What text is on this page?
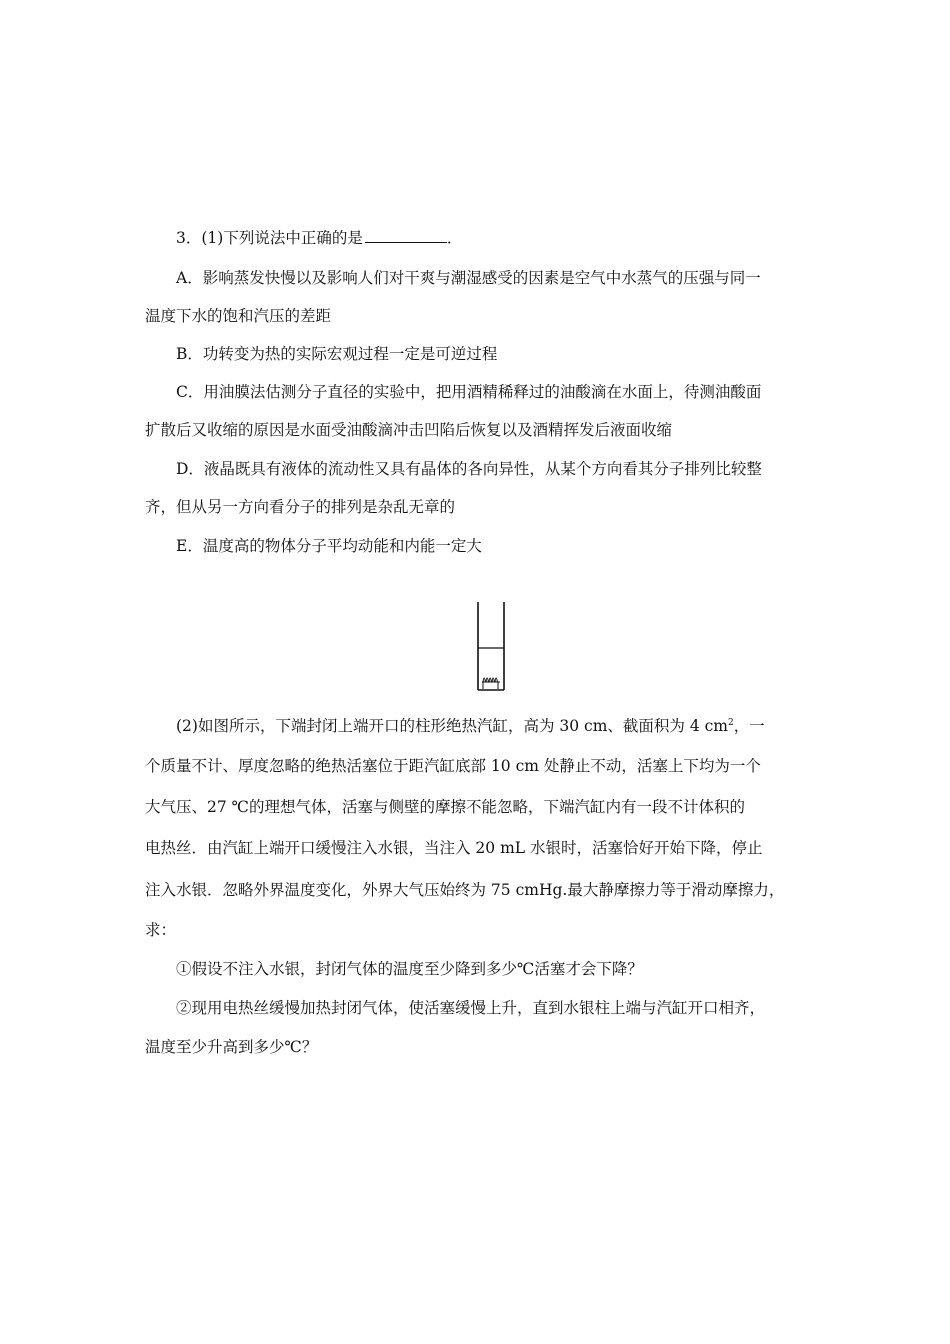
3．(1)下列说法中正确的是	．
A．影响蒸发快慢以及影响人们对干爽与潮湿感受的因素是空气中水蒸气的压强与同一
温度下水的饱和汽压的差距
B．功转变为热的实际宏观过程一定是可逆过程
C．用油膜法估测分子直径的实验中，把用酒精稀释过的油酸滴在水面上，待测油酸面
扩散后又收缩的原因是水面受油酸滴冲击凹陷后恢复以及酒精挥发后液面收缩
D．液晶既具有液体的流动性又具有晶体的各向异性，从某个方向看其分子排列比较整
齐，但从另一方向看分子的排列是杂乱无章的
E．温度高的物体分子平均动能和内能一定大
(2)如图所示，下端封闭上端开口的柱形绝热汽缸，高为 30 cm、截面积为 4 $cm^2$，一
个质量不计、厚度忽略的绝热活塞位于距汽缸底部 10 cm 处静止不动，活塞上下均为一个
大气压、27 ℃的理想气体，活塞与侧壁的摩擦不能忽略，下端汽缸内有一段不计体积的
电热丝．由汽缸上端开口缓慢注入水银，当注入 20 mL 水银时，活塞恰好开始下降，停止
注入水银．忽略外界温度变化，外界大气压始终为 75 cmHg.最大静摩擦力等于滑动摩擦力，
求：
①假设不注入水银，封闭气体的温度至少降到多少℃活塞才会下降？
②现用电热丝缓慢加热封闭气体，使活塞缓慢上升，直到水银柱上端与汽缸开口相齐，
温度至少升高到多少℃？
